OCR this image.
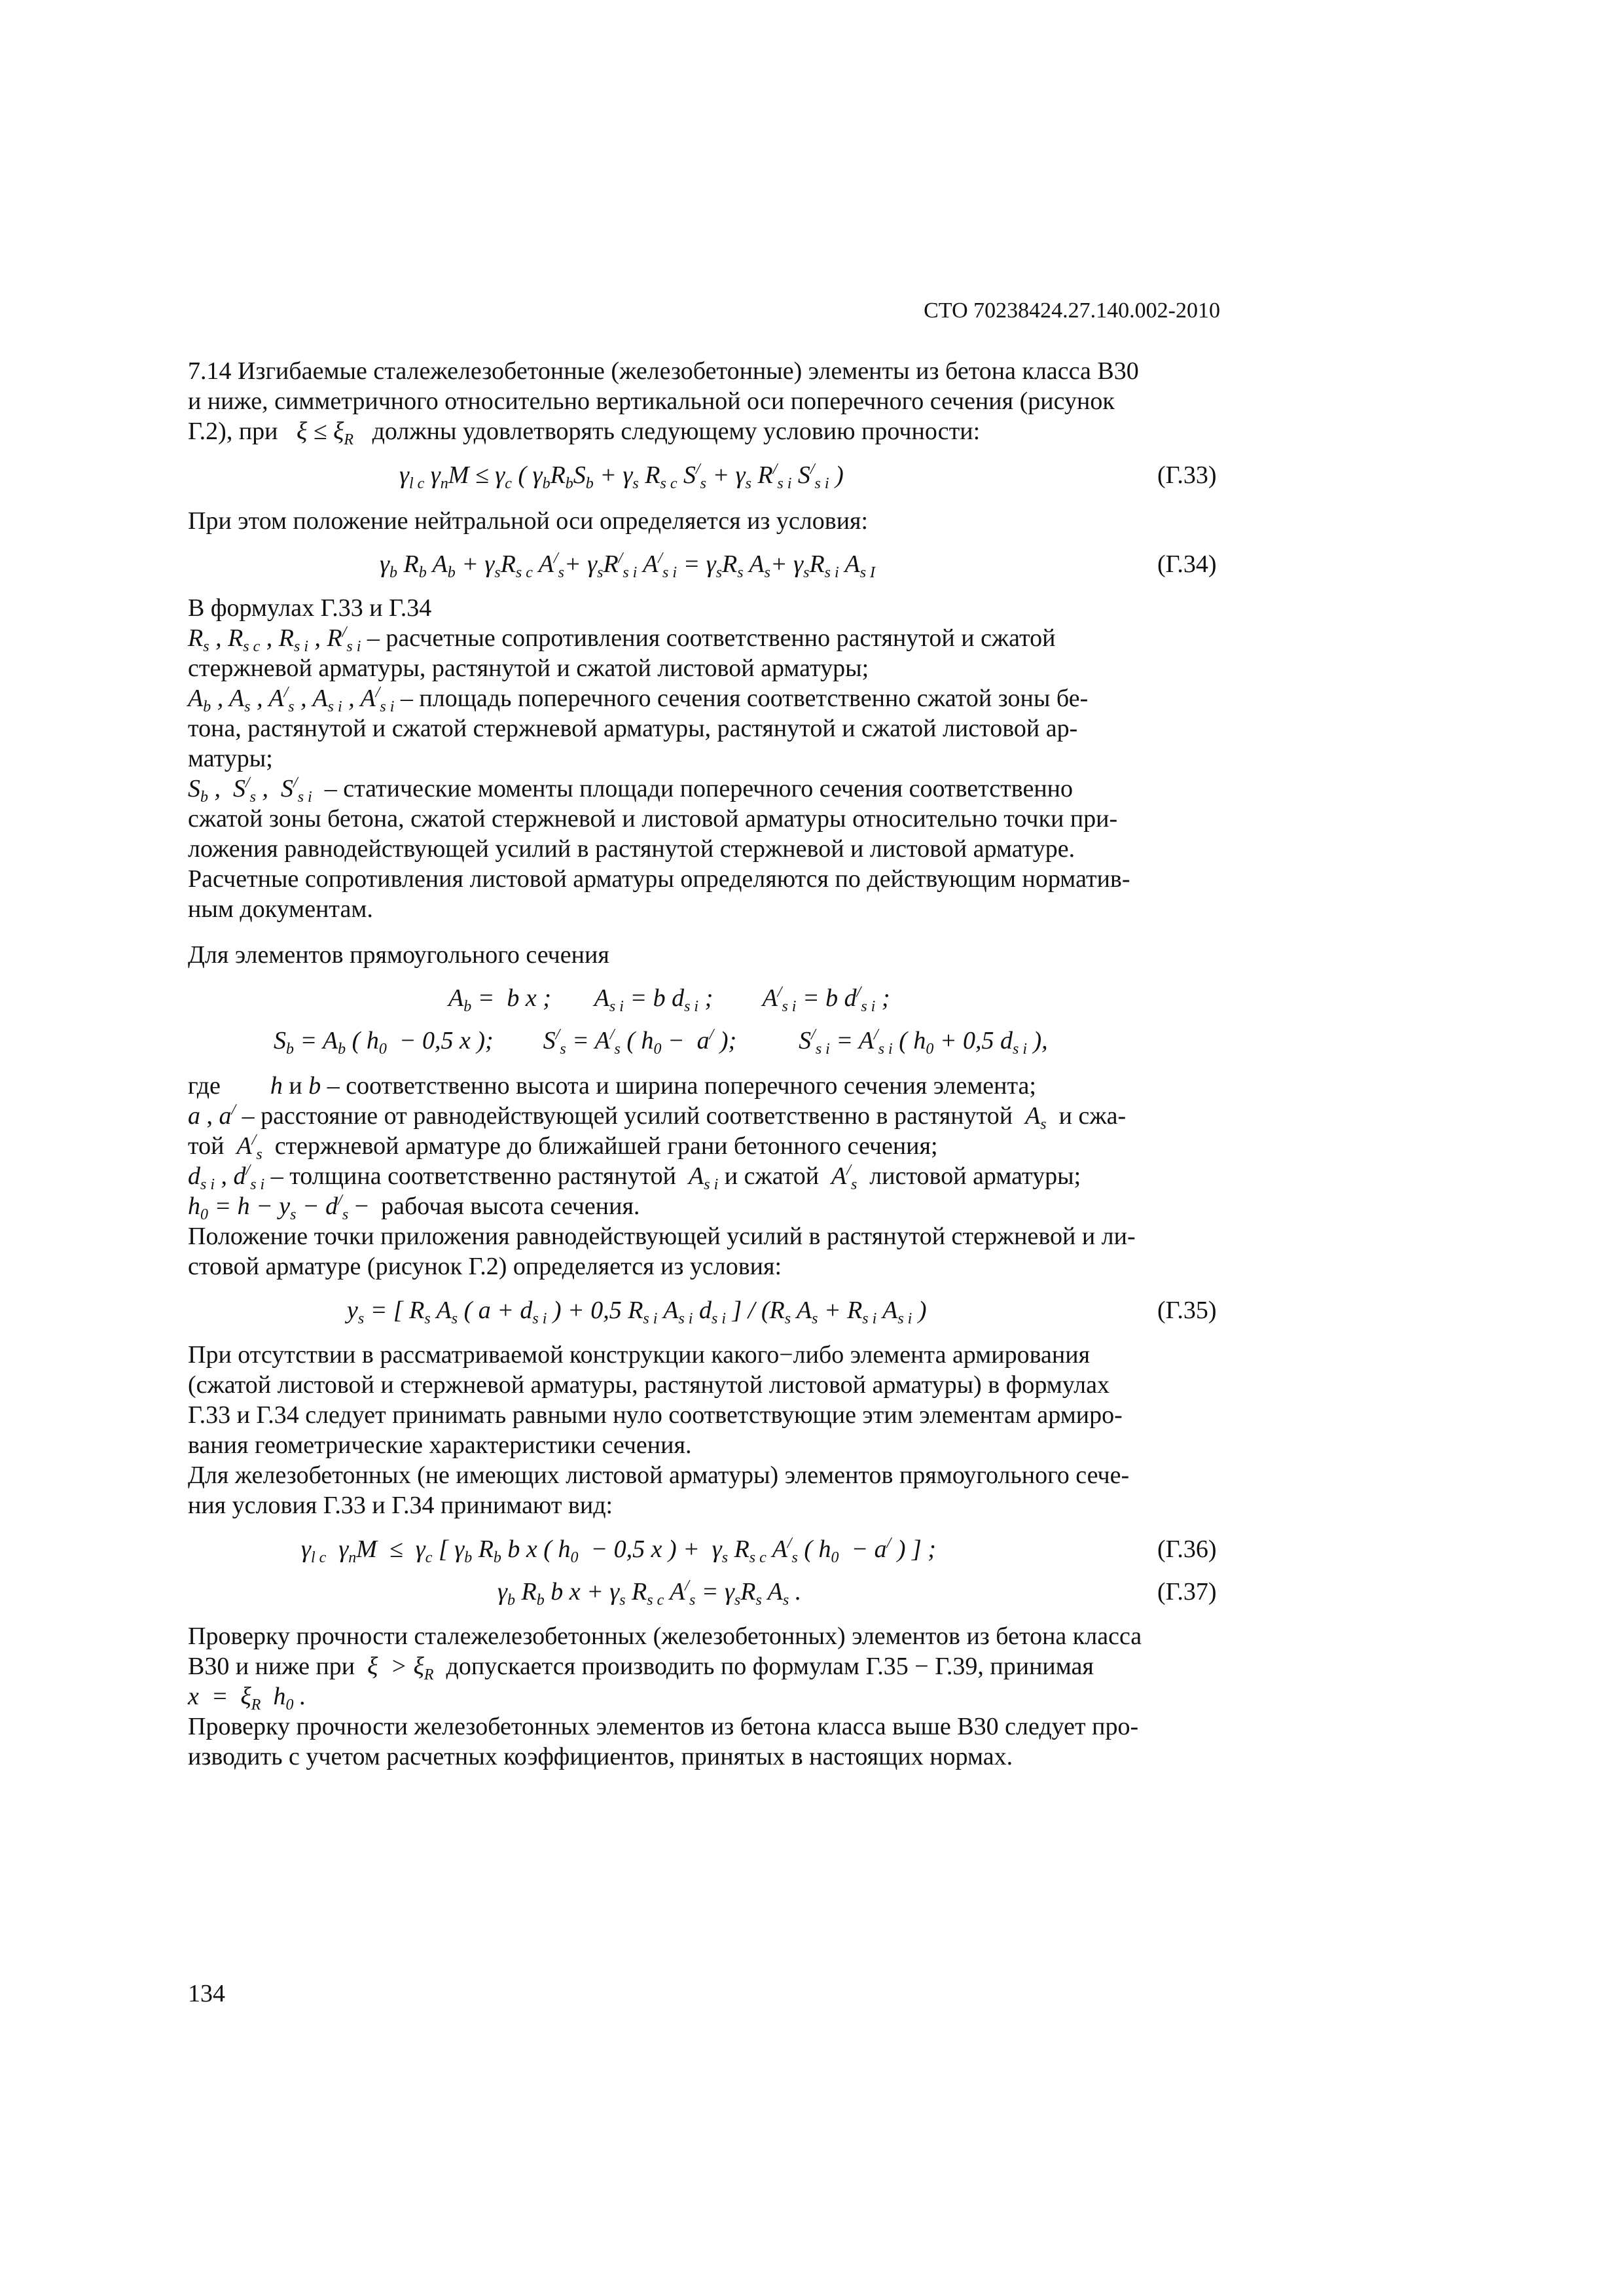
СТО 70238424.27.140.002-2010
7.14 Изгибаемые сталежелезобетонные (железобетонные) элементы из бетона класса В30
и ниже, симметричного относительно вертикальной оси поперечного сечения (рисунок
Г.2), при $\xi \le \xi_R$ должны удовлетворять следующему условию прочности:
$\gamma_{l c}$ $\gamma_nM \le \gamma_c$ ( $\gamma_bR_bS_b + \gamma_s$ $R_{s c}$ $S^/_s + \gamma_s$ $R^/_{s i}$ $S^/_{s i}$ )	(Г.33)
При этом положение нейтральной оси определяется из условия:
$\gamma_b$ $R_b$ $A_b + \gamma_sR_{s c}$ $A^/_s+ \gamma_sR^/_{s i}$ $A^/_{s i} = \gamma_sR_s$ $A_s+ \gamma_sR_{s i}$ $A_{s I}$	(Г.34)
В формулах Г.33 и Г.34
$R_s$ , $R_{s c}$ , $R_{s i}$ , $R^/_{s i}$ – расчетные сопротивления соответственно растянутой и сжатой
стержневой арматуры, растянутой и сжатой листовой арматуры;
$A_b$ , $A_s$ , $A^/_s$ , $A_{s i}$ , $A^/_{s i}$ – площадь поперечного сечения соответственно сжатой зоны бе-
тона, растянутой и сжатой стержневой арматуры, растянутой и сжатой листовой ар-
матуры;
$S_b$ ,  $S^/_s$ ,  $S^/_{s i}$ – статические моменты площади поперечного сечения соответственно
сжатой зоны бетона, сжатой стержневой и листовой арматуры относительно точки при-
ложения равнодействующей усилий в растянутой стержневой и листовой арматуре.
Расчетные сопротивления листовой арматуры определяются по действующим норматив-
ным документам.
Для элементов прямоугольного сечения
$A_b = b$ x ;       $A_{s i} = b$ $d_{s i}$ ;        $A^/_{s i} = b$ $d^/_{s i}$ ;
$S_b = A_b$ ( $h_0 - 0,5$ x );        $S^/_s = A^/_s$ ( $h_0 - a^/$ );          $S^/_{s i} = A^/_{s i}$ ( $h_0 + 0,5$ $d_{s i}$ ),
где h и b – соответственно высота и ширина поперечного сечения элемента;
a , a/ – расстояние от равнодействующей усилий соответственно в растянутой $A_s$ и сжа-
той $A^/_s$ стержневой арматуре до ближайшей грани бетонного сечения;
$d_{s i}$ , $d^/_{s i}$ – толщина соответственно растянутой $A_{s i}$ и сжатой $A^/_s$ листовой арматуры;
$h_0 = h - y_s - d^/_s$ −  рабочая высота сечения.
Положение точки приложения равнодействующей усилий в растянутой стержневой и ли-
стовой арматуре (рисунок Г.2) определяется из условия:
$y_s$ = [ $R_s$ $A_s$ ( $a + d_{s i}$ ) + 0,5 $R_{s i}$ $A_{s i}$ $d_{s i}$ ] / ($R_s$ $A_s + R_{s i}$ $A_{s i}$ )	(Г.35)
При отсутствии в рассматриваемой конструкции какого−либо элемента армирования
(сжатой листовой и стержневой арматуры, растянутой листовой арматуры) в формулах
Г.33 и Г.34 следует принимать равными нуло соответствующие этим элементам армиро-
вания геометрические характеристики сечения.
Для железобетонных (не имеющих листовой арматуры) элементов прямоугольного сече-
ния условия Г.33 и Г.34 принимают вид:
$\gamma_{l c}$  $\gamma_nM \le \gamma_c$ [ $\gamma_b$ $R_b$ b x ( $h_0 - 0,5$ x ) +  $\gamma_s$ $R_{s c}$ $A^/_s$ ( $h_0 - a^/$ ) ] ;	(Г.36)
$\gamma_b$ $R_b$ b $x + \gamma_s$ $R_{s c}$ $A^/_s = \gamma_sR_s$ $A_s$ .	(Г.37)
Проверку прочности сталежелезобетонных (железобетонных) элементов из бетона класса
В30 и ниже при $\xi > \xi_R$ допускается производить по формулам Г.35 − Г.39, принимая
$x = \xi_R$  $h_0$ .
Проверку прочности железобетонных элементов из бетона класса выше В30 следует про-
изводить с учетом расчетных коэффициентов, принятых в настоящих нормах.
134
